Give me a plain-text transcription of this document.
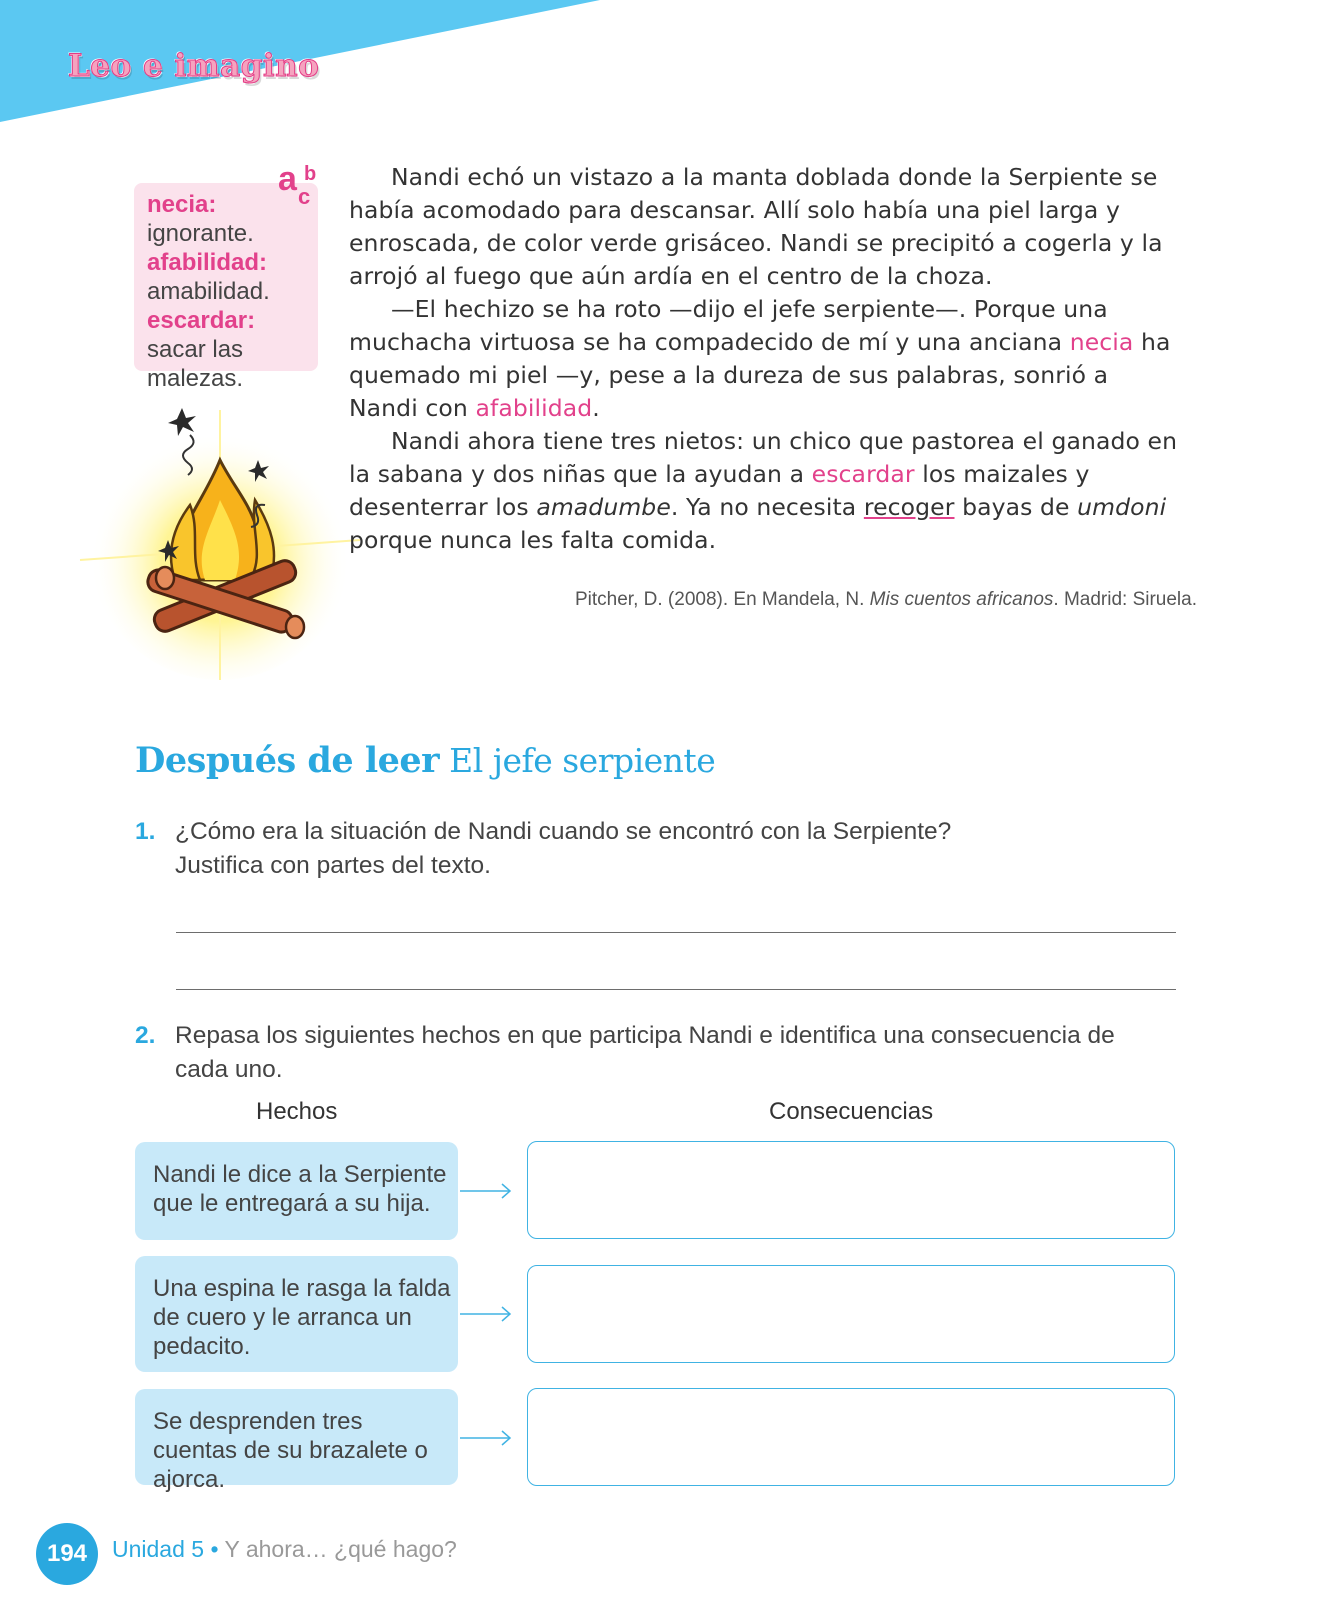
Leo e imagino
a b
c
necia:
ignorante.
afabilidad:
amabilidad.
escardar: sacar las malezas.

Nandi echó un vistazo a la manta doblada donde la Serpiente se había acomodado para descansar. Allí solo había una piel larga y enroscada, de color verde grisáceo. Nandi se precipitó a cogerla y la arrojó al fuego que aún ardía en el centro de la choza.

—El hechizo se ha roto —dijo el jefe serpiente—. Porque una muchacha virtuosa se ha compadecido de mí y una anciana necia ha quemado mi piel —y, pese a la dureza de sus palabras, sonrió a Nandi con afabilidad.

Nandi ahora tiene tres nietos: un chico que pastorea el ganado en la sabana y dos niñas que la ayudan a escardar los maizales y desenterrar los amadumbe. Ya no necesita recoger bayas de umdoni porque nunca les falta comida.

Pitcher, D. (2008). En Mandela, N. Mis cuentos africanos. Madrid: Siruela.
Después de leer El jefe serpiente
1. ¿Cómo era la situación de Nandi cuando se encontró con la Serpiente? Justifica con partes del texto.
2. Repasa los siguientes hechos en que participa Nandi e identifica una consecuencia de cada uno.
Hechos	Consecuencias
Nandi le dice a la Serpiente que le entregará a su hija.
Una espina le rasga la falda de cuero y le arranca un pedacito.
Se desprenden tres cuentas de su brazalete o ajorca.
194	Unidad 5 • Y ahora… ¿qué hago?
